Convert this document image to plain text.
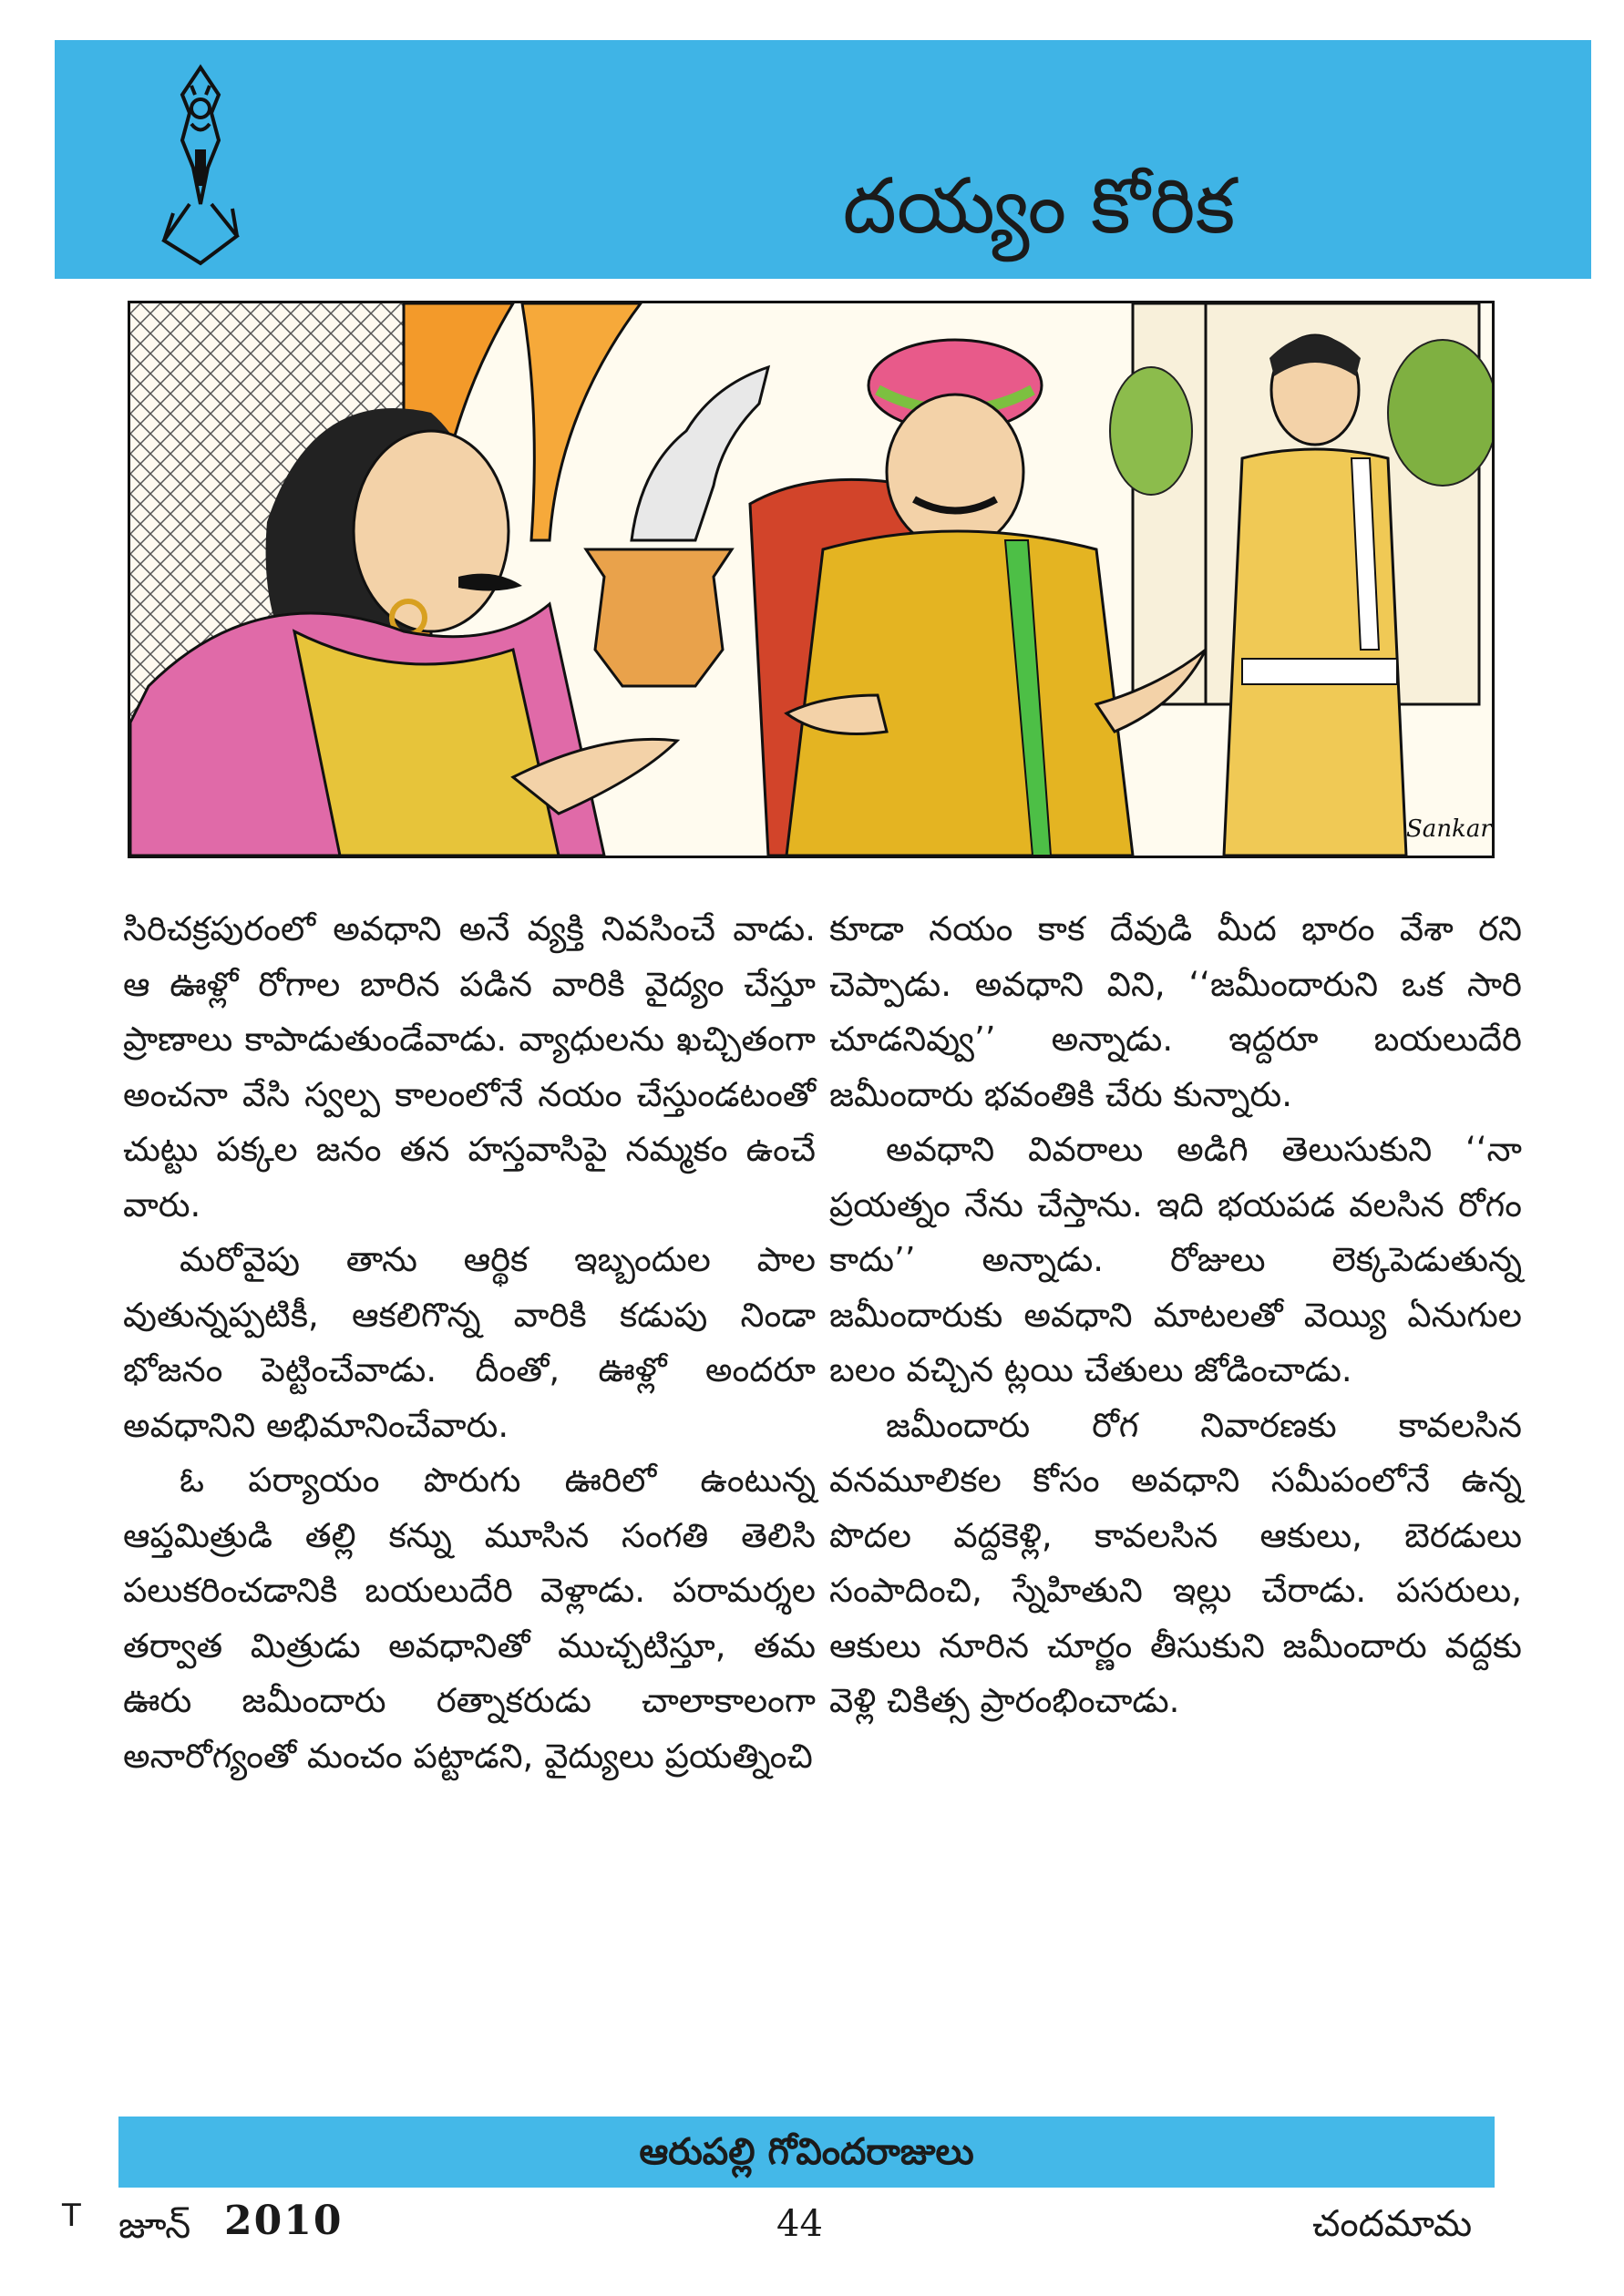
దయ్యం కోరిక
Sankar

సిరిచక్రపురంలో అవధాని అనే వ్యక్తి నివసించే వాడు. ఆ ఊళ్లో రోగాల బారిన పడిన వారికి వైద్యం చేస్తూ ప్రాణాలు కాపాడుతుండేవాడు. వ్యాధులను ఖచ్చితంగా అంచనా వేసి స్వల్ప కాలంలోనే నయం చేస్తుండటంతో చుట్టు పక్కల జనం తన హస్తవాసిపై నమ్మకం ఉంచే వారు.

మరోవైపు తాను ఆర్థిక ఇబ్బందుల పాల వుతున్నప్పటికీ, ఆకలిగొన్న వారికి కడుపు నిండా భోజనం పెట్టించేవాడు. దీంతో, ఊళ్లో అందరూ అవధానిని అభిమానించేవారు.

ఓ పర్యాయం పొరుగు ఊరిలో ఉంటున్న ఆప్తమిత్రుడి తల్లి కన్ను మూసిన సంగతి తెలిసి పలుకరించడానికి బయలుదేరి వెళ్లాడు. పరామర్శల తర్వాత మిత్రుడు అవధానితో ముచ్చటిస్తూ, తమ ఊరు జమీందారు రత్నాకరుడు చాలాకాలంగా అనారోగ్యంతో మంచం పట్టాడని, వైద్యులు ప్రయత్నించి

కూడా నయం కాక దేవుడి మీద భారం వేశా రని చెప్పాడు. అవధాని విని, ‘‘జమీందారుని ఒక సారి చూడనివ్వు’’ అన్నాడు. ఇద్దరూ బయలుదేరి జమీందారు భవంతికి చేరు కున్నారు.

అవధాని వివరాలు అడిగి తెలుసుకుని ‘‘నా ప్రయత్నం నేను చేస్తాను. ఇది భయపడ వలసిన రోగం కాదు’’ అన్నాడు. రోజులు లెక్కపెడుతున్న జమీందారుకు అవధాని మాటలతో వెయ్యి ఏనుగుల బలం వచ్చిన ట్లయి చేతులు జోడించాడు.

జమీందారు రోగ నివారణకు కావలసిన వనమూలికల కోసం అవధాని సమీపంలోనే ఉన్న పొదల వద్దకెళ్లి, కావలసిన ఆకులు, బెరడులు సంపాదించి, స్నేహితుని ఇల్లు చేరాడు. పసరులు, ఆకులు నూరిన చూర్ణం తీసుకుని జమీందారు వద్దకు వెళ్లి చికిత్స ప్రారంభించాడు.

ఆరుపల్లి గోవిందరాజులు
T జూన్ 2010	44	చందమామ
